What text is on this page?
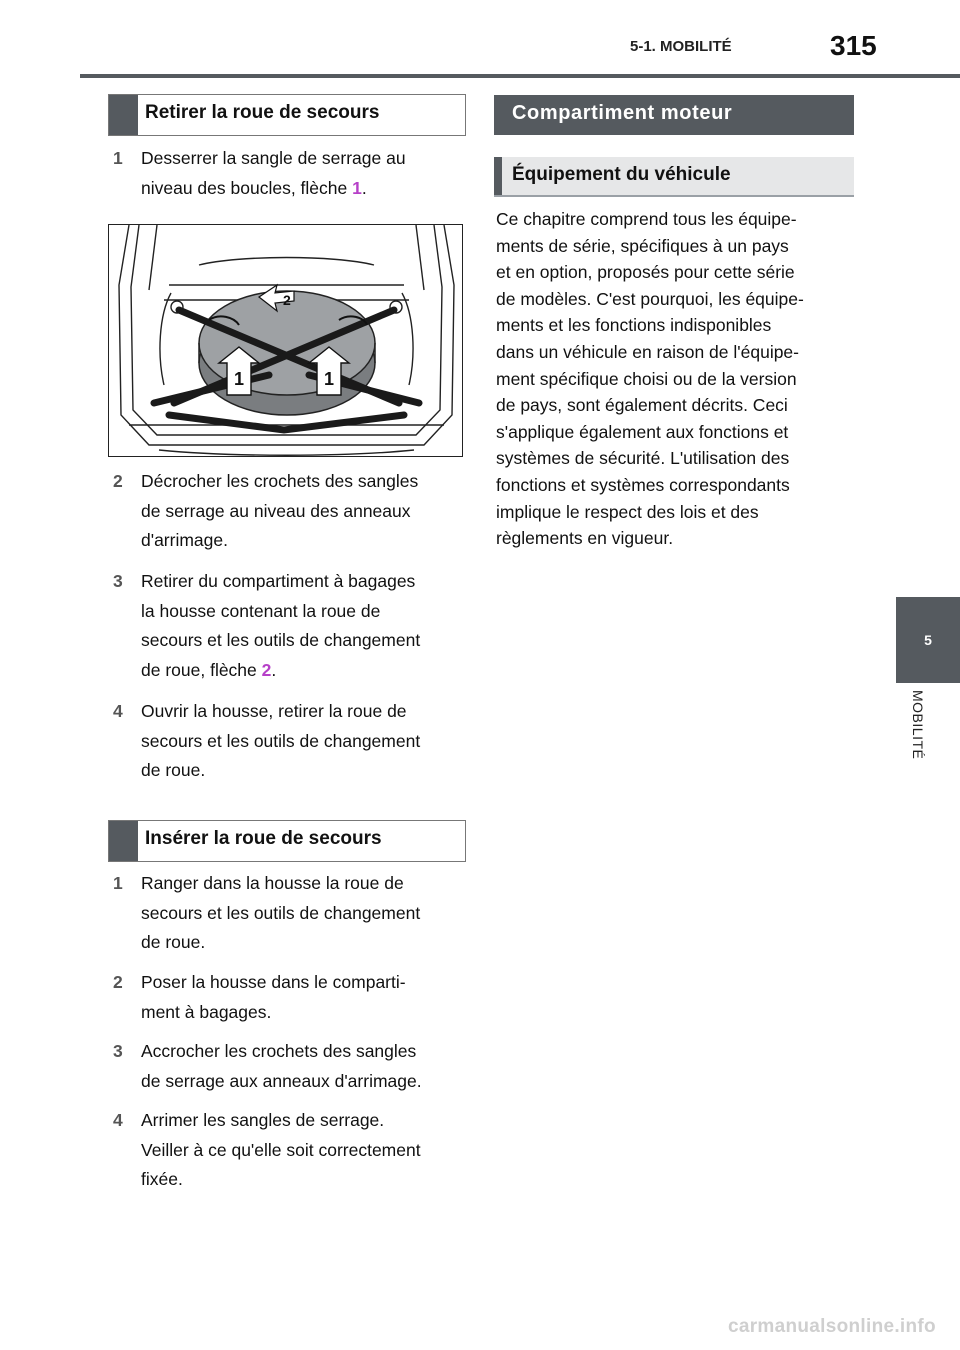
5-1. MOBILITÉ	315
5
MOBILITÉ
Retirer la roue de secours
1 Desserrer la sangle de serrage au
niveau des boucles, flèche 1.
2
1	1
2 Décrocher les crochets des sangles
de serrage au niveau des anneaux
d'arrimage.
3 Retirer du compartiment à bagages
la housse contenant la roue de
secours et les outils de changement
de roue, flèche 2.
4 Ouvrir la housse, retirer la roue de
secours et les outils de changement
de roue.
Insérer la roue de secours
1 Ranger dans la housse la roue de
secours et les outils de changement
de roue.
2 Poser la housse dans le comparti-
ment à bagages.
3 Accrocher les crochets des sangles
de serrage aux anneaux d'arrimage.
4 Arrimer les sangles de serrage.
Veiller à ce qu'elle soit correctement
fixée.
Compartiment moteur
Équipement du véhicule
Ce chapitre comprend tous les équipe-
ments de série, spécifiques à un pays
et en option, proposés pour cette série
de modèles. C'est pourquoi, les équipe-
ments et les fonctions indisponibles
dans un véhicule en raison de l'équipe-
ment spécifique choisi ou de la version
de pays, sont également décrits. Ceci
s'applique également aux fonctions et
systèmes de sécurité. L'utilisation des
fonctions et systèmes correspondants
implique le respect des lois et des
règlements en vigueur.
carmanualsonline.info
